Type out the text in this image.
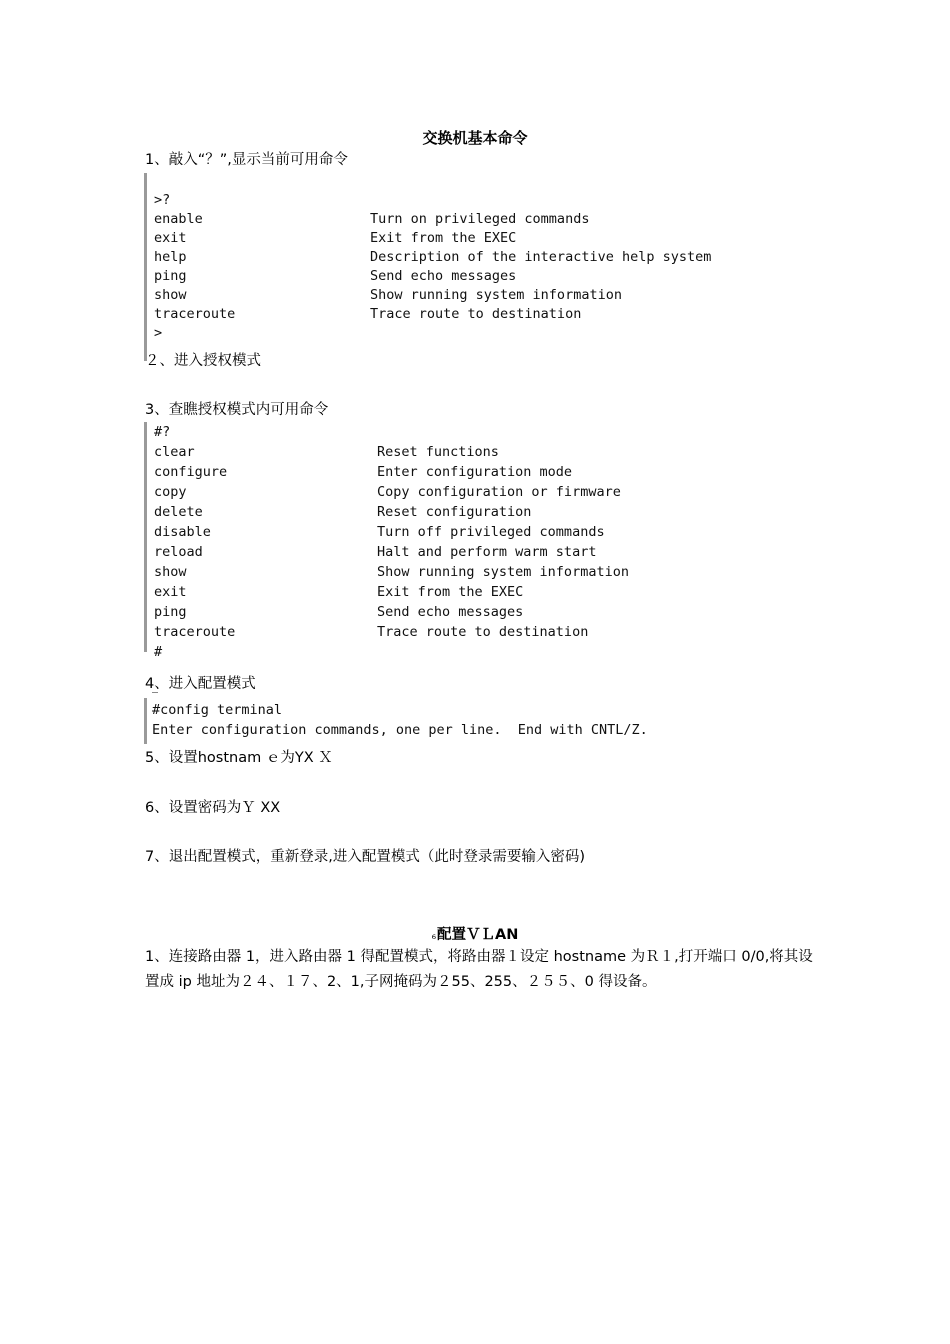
交换机基本命令
1、敲入“？”,显示当前可用命令
>?
enable	Turn on privileged commands
exit	Exit from the EXEC
help	Description of the interactive help system
ping	Send echo messages
show	Show running system information
traceroute	Trace route to destination
>
２、进入授权模式
3、查瞧授权模式内可用命令
#?
clear	Reset functions
configure	Enter configuration mode
copy	Copy configuration or firmware
delete	Reset configuration
disable	Turn off privileged commands
reload	Halt and perform warm start
show	Show running system information
exit	Exit from the EXEC
ping	Send echo messages
traceroute	Trace route to destination
#
4、进入配置模式
#config terminal
Enter configuration commands, one per line.  End with CNTL/Z.
5、设置hostnam ｅ为YX Ｘ
6、设置密码为Ｙ XX
7、退出配置模式，重新登录,进入配置模式（此时登录需要输入密码)
₆配置ＶＬAN
1、连接路由器 1，进入路由器 1 得配置模式，将路由器１设定 hostname 为Ｒ１,打开端口 0/0,将其设置成 ip 地址为２４、１７、2、1,子网掩码为２55、255、２５５、0 得设备。
